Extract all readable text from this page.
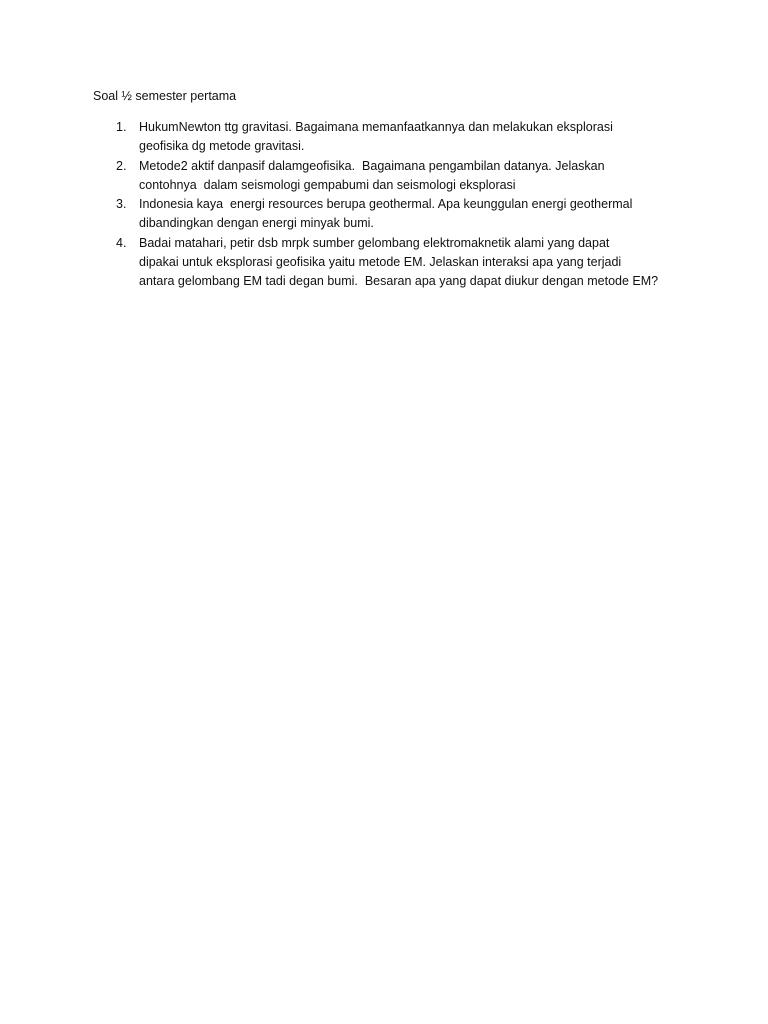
Soal ½ semester pertama
1.	HukumNewton ttg gravitasi. Bagaimana memanfaatkannya dan melakukan eksplorasi
geofisika dg metode gravitasi.
2.	Metode2 aktif danpasif dalamgeofisika.  Bagaimana pengambilan datanya. Jelaskan
contohnya  dalam seismologi gempabumi dan seismologi eksplorasi
3.	Indonesia kaya  energi resources berupa geothermal. Apa keunggulan energi geothermal
dibandingkan dengan energi minyak bumi.
4.	Badai matahari, petir dsb mrpk sumber gelombang elektromaknetik alami yang dapat
dipakai untuk eksplorasi geofisika yaitu metode EM. Jelaskan interaksi apa yang terjadi
antara gelombang EM tadi degan bumi.  Besaran apa yang dapat diukur dengan metode EM?
